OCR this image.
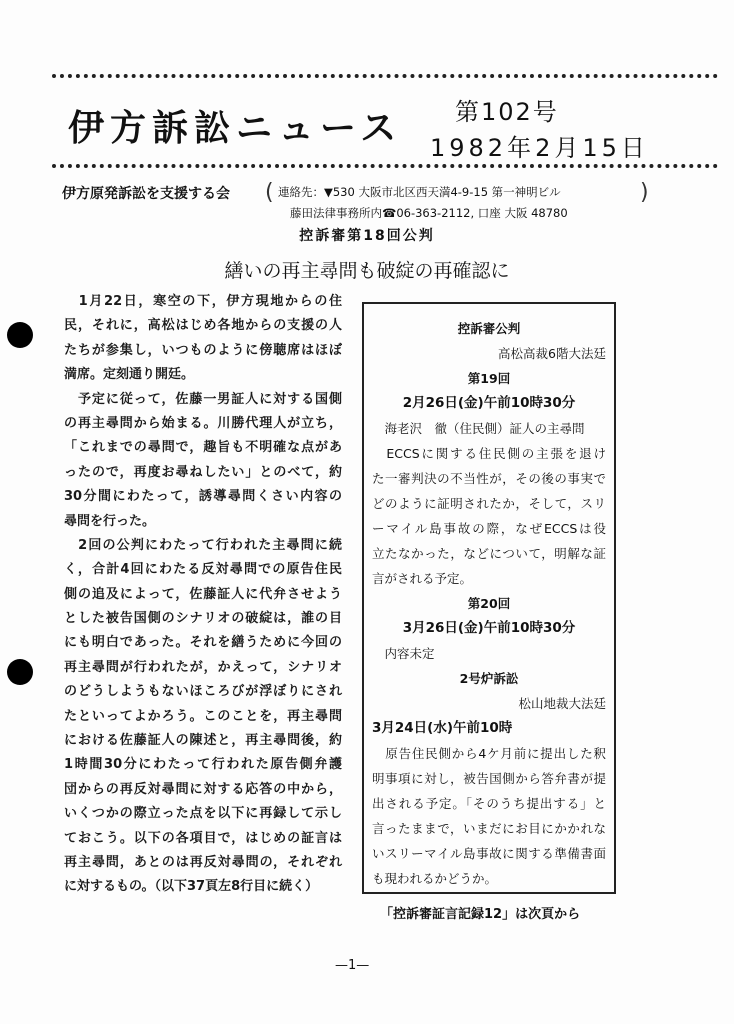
伊方訴訟ニュース 第102号
1982年2月15日
伊方原発訴訟を支援する会 ( 連絡先：▼530 大阪市北区西天満4-9-15 第一神明ビル
藤田法律事務所内☎06-363-2112, 口座 大阪 48780
)
控訴審第18回公判
繕いの再主尋問も破綻の再確認に
　1月22日，寒空の下，伊方現地からの住
民，それに，高松はじめ各地からの支援の人
たちが参集し，いつものように傍聴席はほぼ
満席。定刻通り開廷。
　予定に従って，佐藤一男証人に対する国側
の再主尋問から始まる。川勝代理人が立ち，
「これまでの尋問で，趣旨も不明確な点があ
ったので，再度お尋ねしたい」とのべて，約
30分間にわたって，誘導尋問くさい内容の
尋問を行った。
　2回の公判にわたって行われた主尋問に続
く，合計4回にわたる反対尋問での原告住民
側の追及によって，佐藤証人に代弁させよう
とした被告国側のシナリオの破綻は，誰の目
にも明白であった。それを繕うために今回の
再主尋問が行われたが，かえって，シナリオ
のどうしようもないほころびが浮ぼりにされ
たといってよかろう。このことを，再主尋問
における佐藤証人の陳述と，再主尋問後，約
1時間30分にわたって行われた原告側弁護
団からの再反対尋問に対する応答の中から，
いくつかの際立った点を以下に再録して示し
ておこう。以下の各項目で，はじめの証言は
再主尋問，あとのは再反対尋問の，それぞれ
に対するもの。（以下37頁左8行目に続く）
控訴審公判
高松高裁6階大法廷
第19回
2月26日(金)午前10時30分
　海老沢　徹（住民側）証人の主尋問
　ECCSに関する住民側の主張を退け
た一審判決の不当性が，その後の事実で
どのように証明されたか，そして，スリ
ーマイル島事故の際，なぜECCSは役
立たなかった，などについて，明解な証
言がされる予定。
第20回
3月26日(金)午前10時30分
　内容未定
2号炉訴訟
松山地裁大法廷
3月24日(水)午前10時
　原告住民側から4ケ月前に提出した釈
明事項に対し，被告国側から答弁書が提
出される予定。「そのうち提出する」と
言ったままで，いまだにお目にかかれな
いスリーマイル島事故に関する準備書面
も現われるかどうか。
「控訴審証言記録12」は次頁から
—1—
